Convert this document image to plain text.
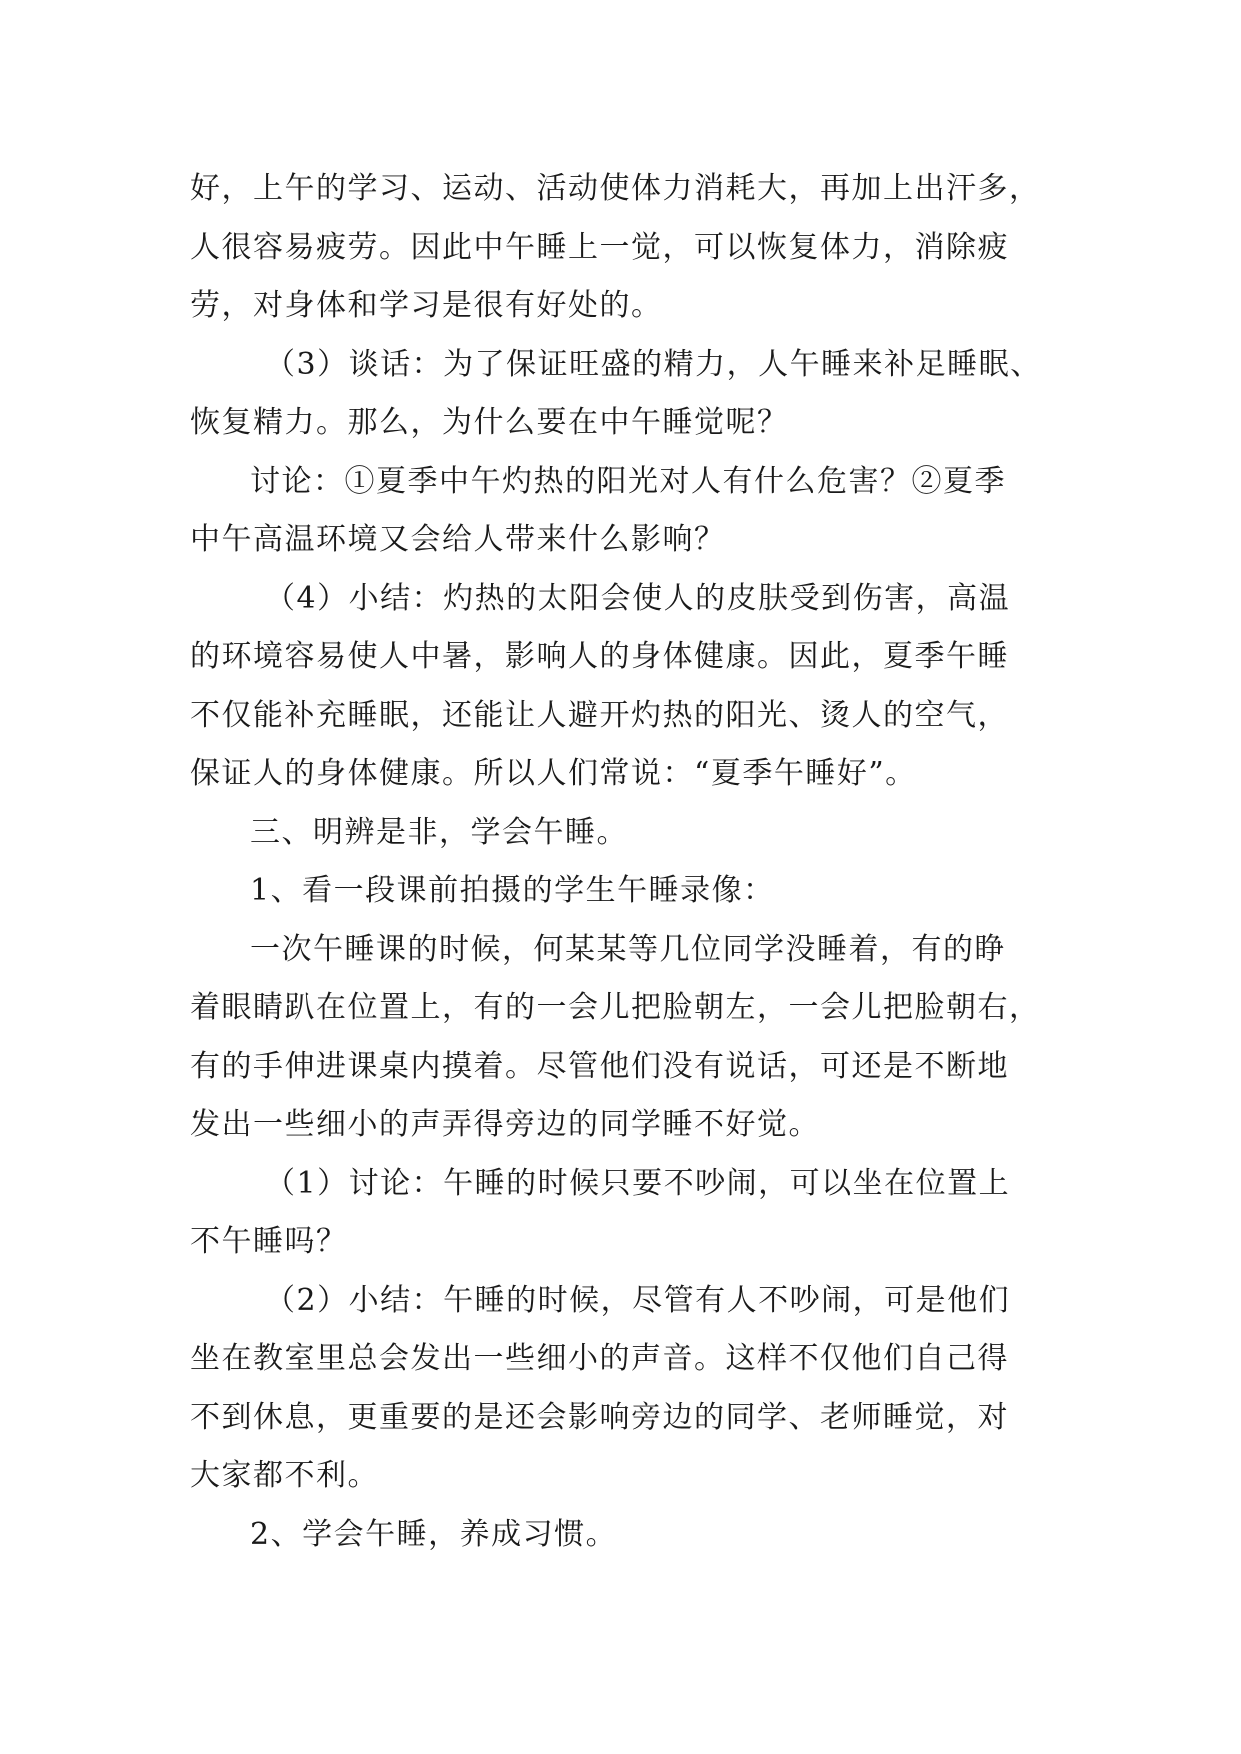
好，上午的学习、运动、活动使体力消耗大，再加上出汗多，

人很容易疲劳。因此中午睡上一觉，可以恢复体力，消除疲

劳，对身体和学习是很有好处的。

（3）谈话：为了保证旺盛的精力，人午睡来补足睡眠、

恢复精力。那么，为什么要在中午睡觉呢？

讨论：①夏季中午灼热的阳光对人有什么危害？②夏季

中午高温环境又会给人带来什么影响？

（4）小结：灼热的太阳会使人的皮肤受到伤害，高温

的环境容易使人中暑，影响人的身体健康。因此，夏季午睡

不仅能补充睡眠，还能让人避开灼热的阳光、烫人的空气，

保证人的身体健康。所以人们常说：“夏季午睡好”。

三、明辨是非，学会午睡。

1、看一段课前拍摄的学生午睡录像：

一次午睡课的时候，何某某等几位同学没睡着，有的睁

着眼睛趴在位置上，有的一会儿把脸朝左，一会儿把脸朝右，

有的手伸进课桌内摸着。尽管他们没有说话，可还是不断地

发出一些细小的声弄得旁边的同学睡不好觉。

（1）讨论：午睡的时候只要不吵闹，可以坐在位置上

不午睡吗？

（2）小结：午睡的时候，尽管有人不吵闹，可是他们

坐在教室里总会发出一些细小的声音。这样不仅他们自己得

不到休息，更重要的是还会影响旁边的同学、老师睡觉，对

大家都不利。

2、学会午睡，养成习惯。
